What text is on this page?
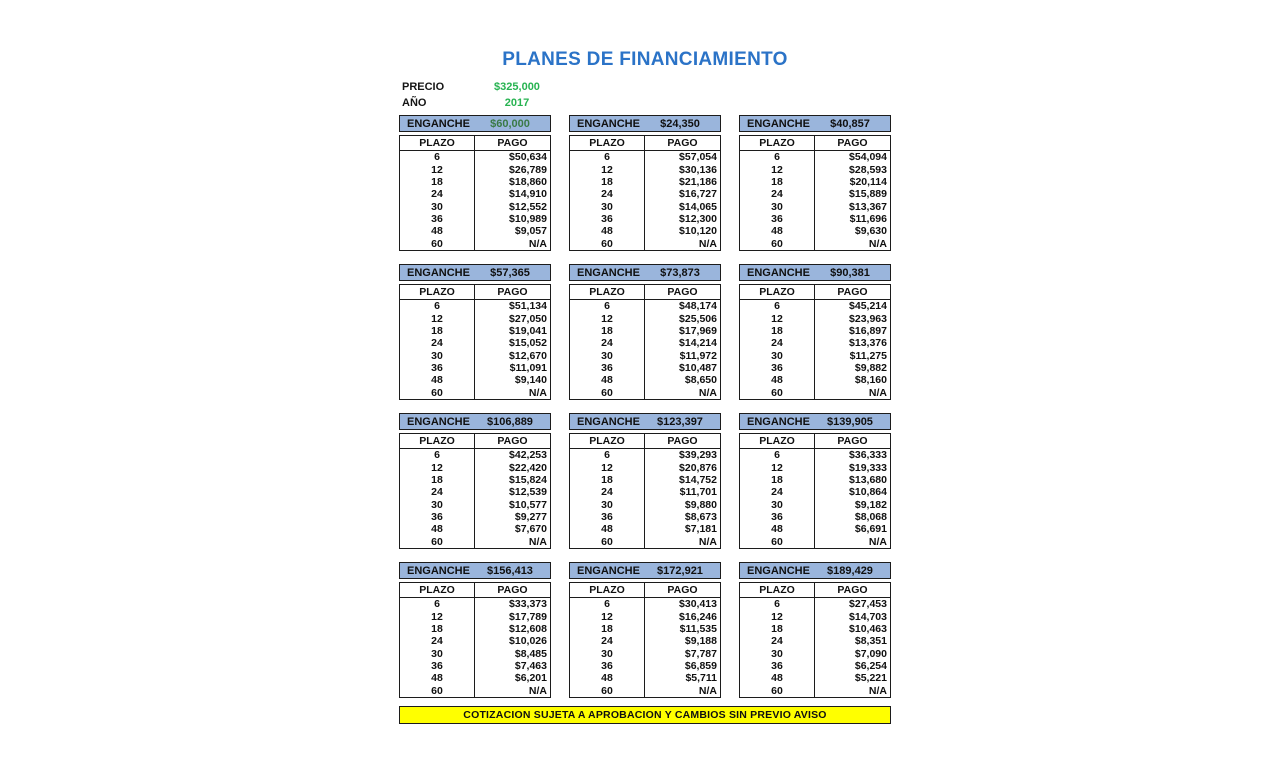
PLANES DE FINANCIAMIENTO
PRECIO	$325,000
AÑO	2017
ENGANCHE	$60,000
PLAZO	PAGO
6	$50,634
12	$26,789
18	$18,860
24	$14,910
30	$12,552
36	$10,989
48	$9,057
60	N/A
ENGANCHE	$24,350
PLAZO	PAGO
6	$57,054
12	$30,136
18	$21,186
24	$16,727
30	$14,065
36	$12,300
48	$10,120
60	N/A
ENGANCHE	$40,857
PLAZO	PAGO
6	$54,094
12	$28,593
18	$20,114
24	$15,889
30	$13,367
36	$11,696
48	$9,630
60	N/A
ENGANCHE	$57,365
PLAZO	PAGO
6	$51,134
12	$27,050
18	$19,041
24	$15,052
30	$12,670
36	$11,091
48	$9,140
60	N/A
ENGANCHE	$73,873
PLAZO	PAGO
6	$48,174
12	$25,506
18	$17,969
24	$14,214
30	$11,972
36	$10,487
48	$8,650
60	N/A
ENGANCHE	$90,381
PLAZO	PAGO
6	$45,214
12	$23,963
18	$16,897
24	$13,376
30	$11,275
36	$9,882
48	$8,160
60	N/A
ENGANCHE	$106,889
PLAZO	PAGO
6	$42,253
12	$22,420
18	$15,824
24	$12,539
30	$10,577
36	$9,277
48	$7,670
60	N/A
ENGANCHE	$123,397
PLAZO	PAGO
6	$39,293
12	$20,876
18	$14,752
24	$11,701
30	$9,880
36	$8,673
48	$7,181
60	N/A
ENGANCHE	$139,905
PLAZO	PAGO
6	$36,333
12	$19,333
18	$13,680
24	$10,864
30	$9,182
36	$8,068
48	$6,691
60	N/A
ENGANCHE	$156,413
PLAZO	PAGO
6	$33,373
12	$17,789
18	$12,608
24	$10,026
30	$8,485
36	$7,463
48	$6,201
60	N/A
ENGANCHE	$172,921
PLAZO	PAGO
6	$30,413
12	$16,246
18	$11,535
24	$9,188
30	$7,787
36	$6,859
48	$5,711
60	N/A
ENGANCHE	$189,429
PLAZO	PAGO
6	$27,453
12	$14,703
18	$10,463
24	$8,351
30	$7,090
36	$6,254
48	$5,221
60	N/A
COTIZACION SUJETA A APROBACION Y CAMBIOS SIN PREVIO AVISO
